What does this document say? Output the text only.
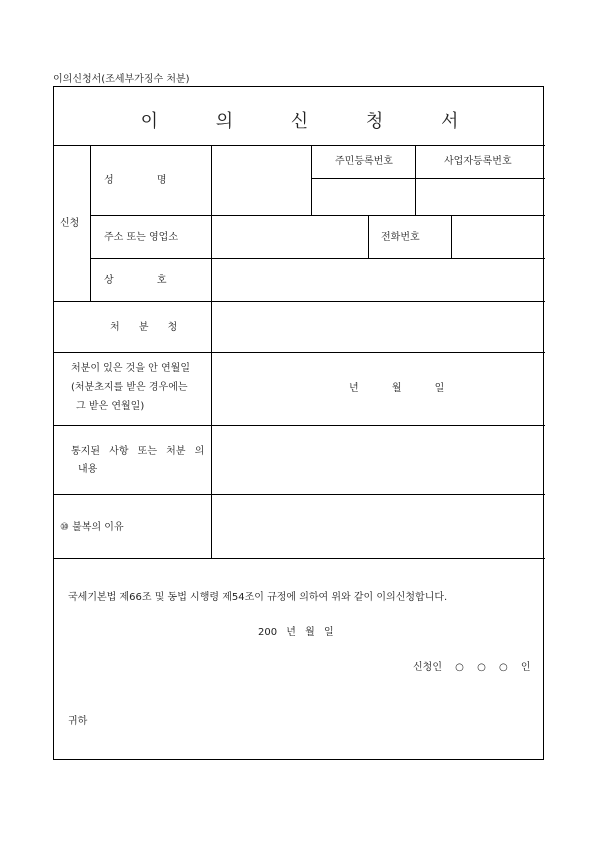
이의신청서(조세부가징수 처분)
이 의 신 청 서
신청
성 명
주민등록번호	사업자등록번호
주소 또는 영업소	전화번호
상 호
처 분 청
처분이 있은 것을 안 연월일
(처분초지를 받은 경우에는
그 받은 연월일)
년 월 일
통지된 사항 또는 처분 의
내용
⑩ 불복의 이유
국세기본법 제66조 및 동법 시행령 제54조이 규정에 의하여 위와 같이 이의신청합니다.
200 년 월 일
신청인 ○ ○ ○ 인
귀하
